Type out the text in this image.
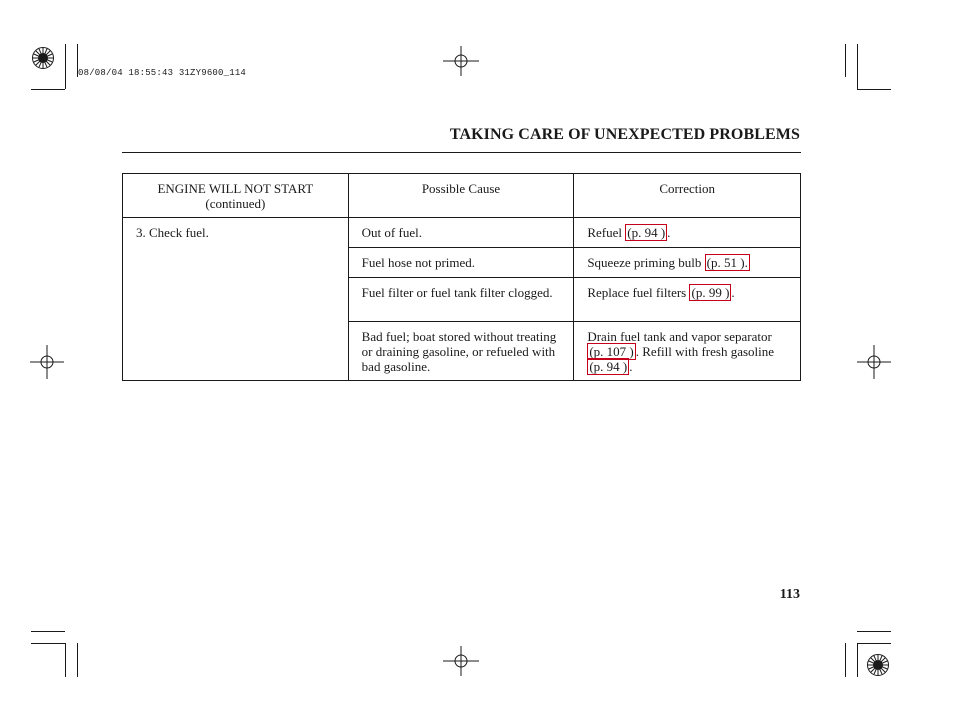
08/08/04 18:55:43 31ZY9600_114
TAKING CARE OF UNEXPECTED PROBLEMS
ENGINE WILL NOT START
(continued)	Possible Cause	Correction
3. Check fuel.	Out of fuel.	Refuel (p. 94 ) .
	Fuel hose not primed.	Squeeze priming bulb (p. 51 ).
	Fuel filter or fuel tank filter clogged.	Replace fuel filters (p. 99 ) .
	Bad fuel; boat stored without treating or draining gasoline, or refueled with bad gasoline.	Drain fuel tank and vapor separator (p. 107 ) . Refill with fresh gasoline (p. 94 ) .
113
